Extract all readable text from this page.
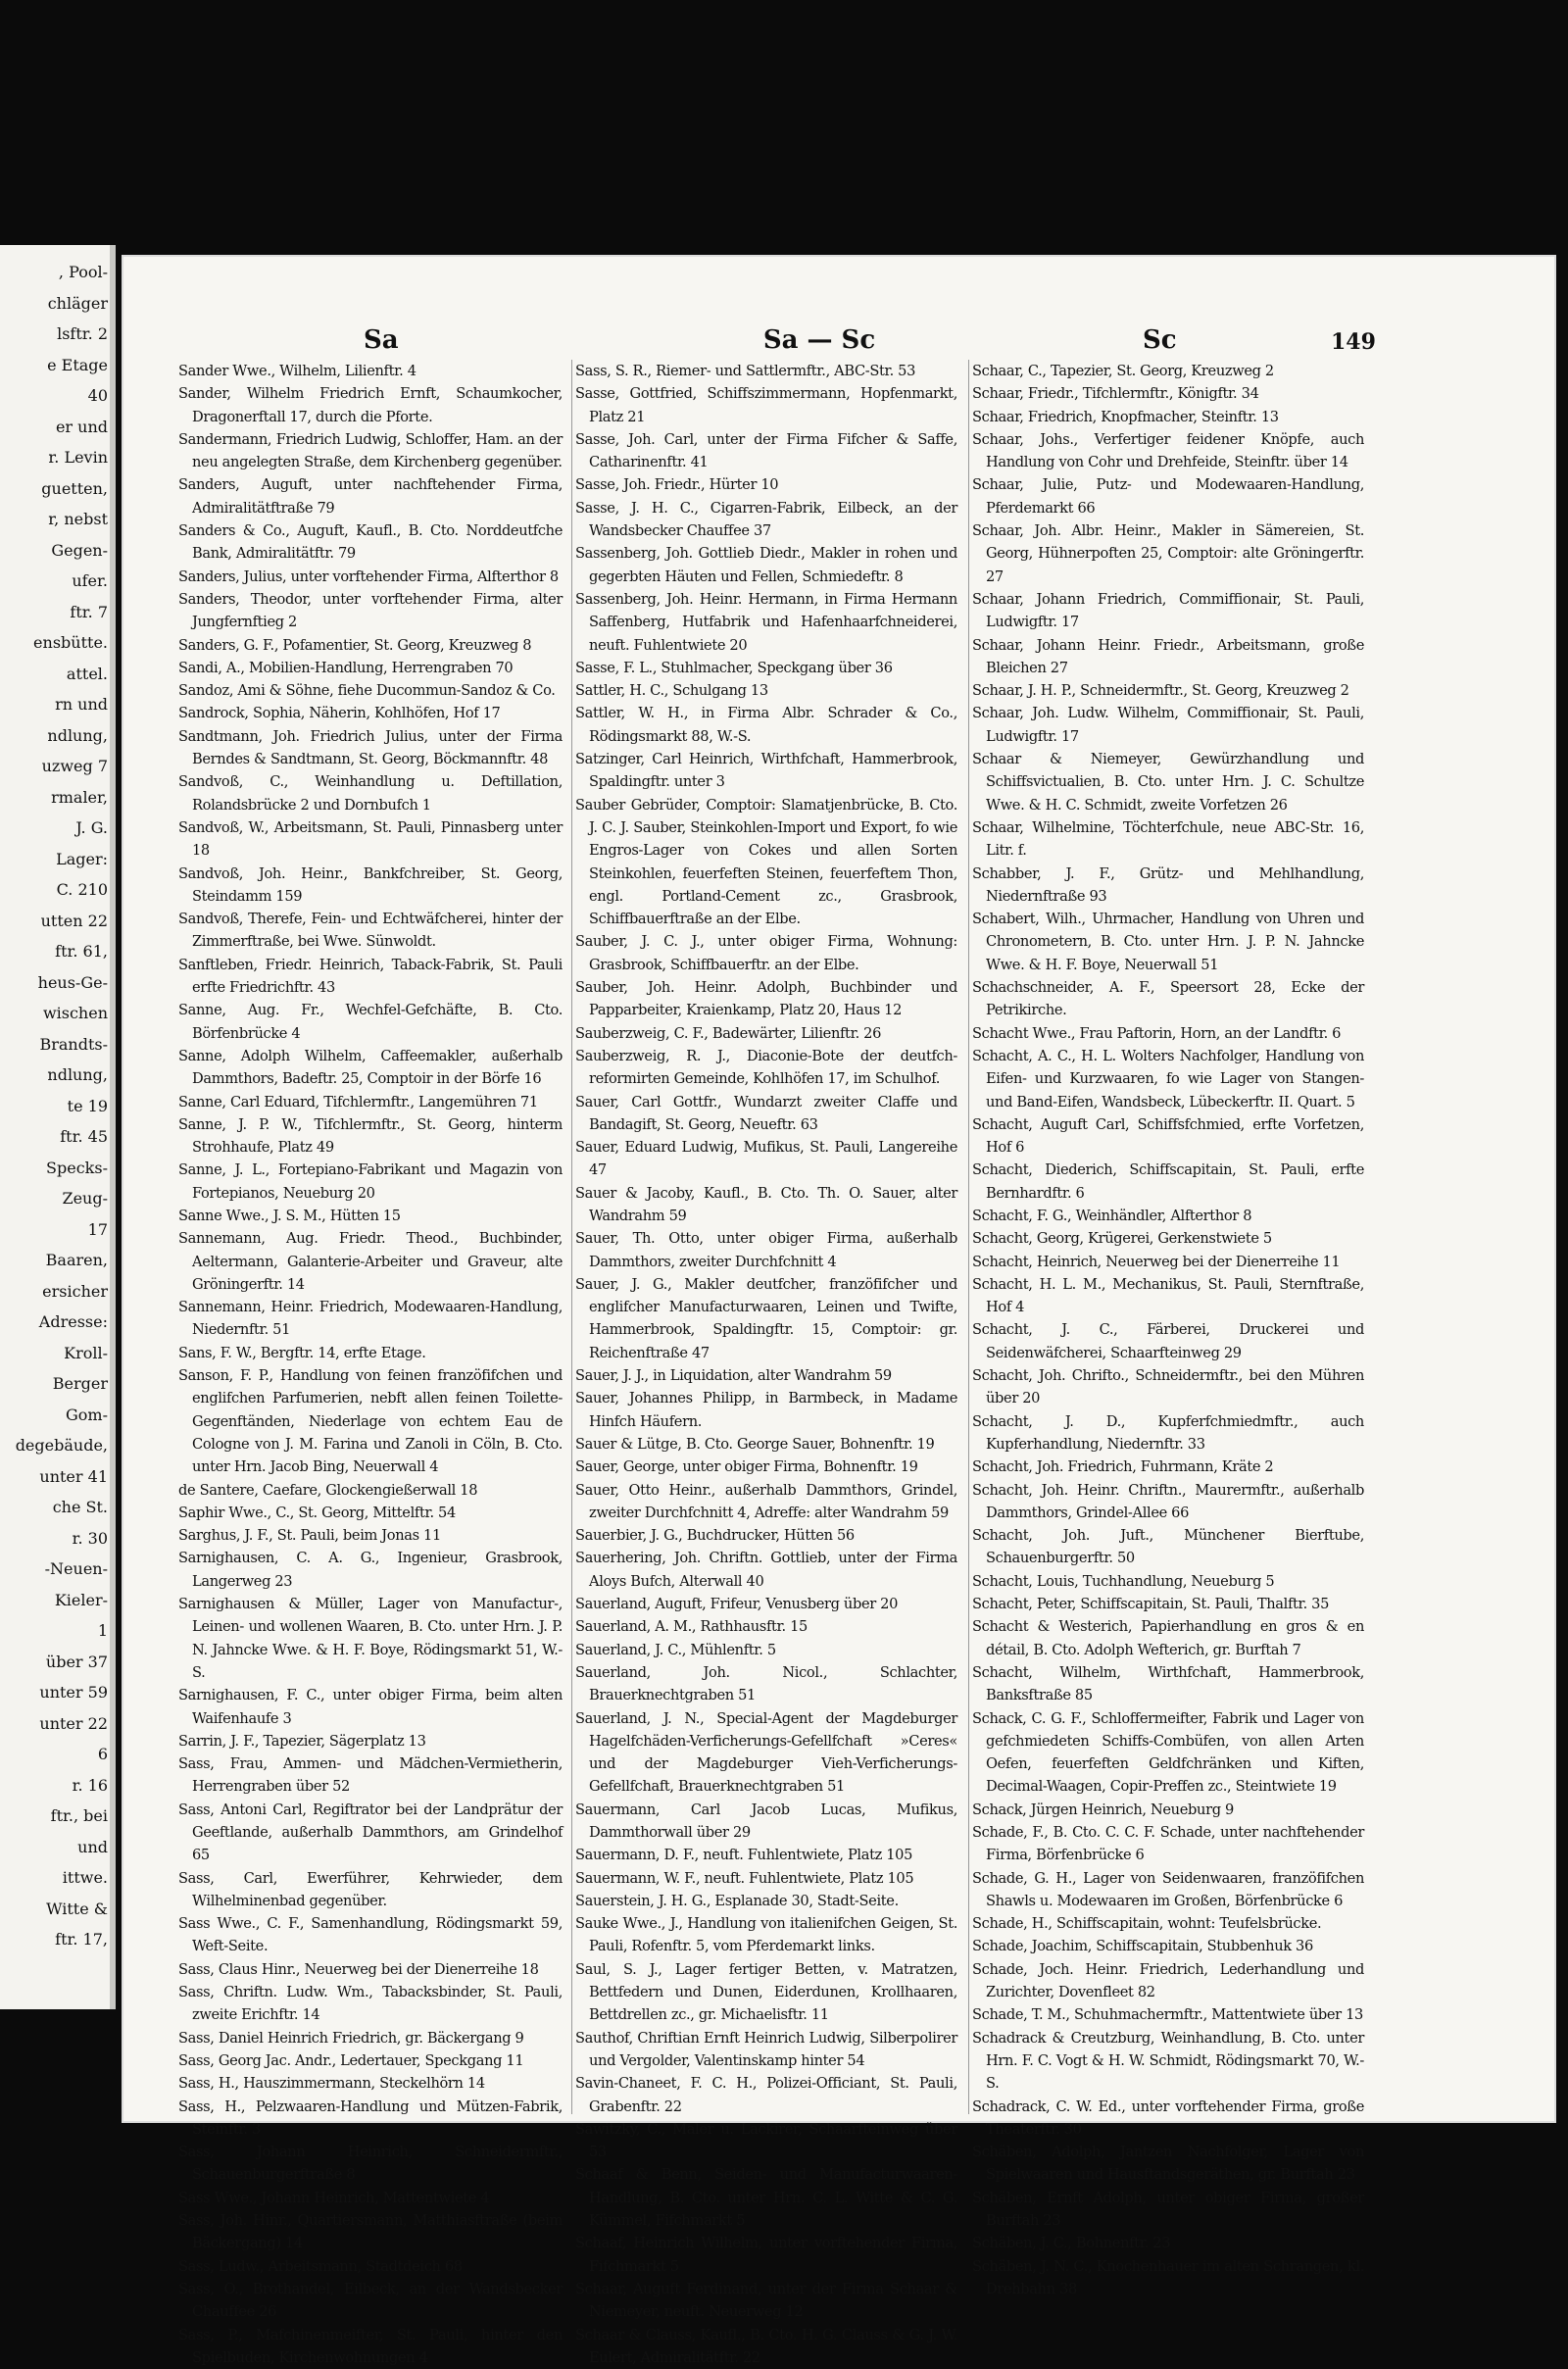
, Pool-
chläger
lsftr. 2
e Etage
40
er und
r. Levin
guetten,
r, nebst
Gegen-
ufer.
ftr. 7
ensbütte.
attel.
rn und
ndlung,
uzweg 7
rmaler,
J. G.
Lager:
C. 210
utten 22
ftr. 61,
heus-Ge-
wischen
Brandts-
ndlung,
te 19
ftr. 45
Specks-
Zeug-
17
Baaren,
ersicher
Adresse:
Kroll-
Berger
Gom-
degebäude,
unter 41
che St.
r. 30
-Neuen-
Kieler-
1
über 37
unter 59
unter 22
6
r. 16
ftr., bei
und
ittwe.
Witte &
ftr. 17,
Sa	Sa — Sc	Sc	149

Sander Wwe., Wilhelm, Lilienftr. 4

Sander, Wilhelm Friedrich Ernft, Schaumkocher, Dragonerftall 17, durch die Pforte.

Sandermann, Friedrich Ludwig, Schloffer, Ham. an der neu angelegten Straße, dem Kirchenberg gegenüber.

Sanders, Auguft, unter nachftehender Firma, Admiralitätftraße 79

Sanders & Co., Auguft, Kaufl., B. Cto. Norddeutfche Bank, Admiralitätftr. 79

Sanders, Julius, unter vorftehender Firma, Alfterthor 8

Sanders, Theodor, unter vorftehender Firma, alter Jungfernftieg 2

Sanders, G. F., Pofamentier, St. Georg, Kreuzweg 8

Sandi, A., Mobilien-Handlung, Herrengraben 70

Sandoz, Ami & Söhne, fiehe Ducommun-Sandoz & Co.

Sandrock, Sophia, Näherin, Kohlhöfen, Hof 17

Sandtmann, Joh. Friedrich Julius, unter der Firma Berndes & Sandtmann, St. Georg, Böckmannftr. 48

Sandvoß, C., Weinhandlung u. Deftillation, Rolandsbrücke 2 und Dornbufch 1

Sandvoß, W., Arbeitsmann, St. Pauli, Pinnasberg unter 18

Sandvoß, Joh. Heinr., Bankfchreiber, St. Georg, Steindamm 159

Sandvoß, Therefe, Fein- und Echtwäfcherei, hinter der Zimmerftraße, bei Wwe. Sünwoldt.

Sanftleben, Friedr. Heinrich, Taback-Fabrik, St. Pauli erfte Friedrichftr. 43

Sanne, Aug. Fr., Wechfel-Gefchäfte, B. Cto. Börfenbrücke 4

Sanne, Adolph Wilhelm, Caffeemakler, außerhalb Dammthors, Badeftr. 25, Comptoir in der Börfe 16

Sanne, Carl Eduard, Tifchlermftr., Langemühren 71

Sanne, J. P. W., Tifchlermftr., St. Georg, hinterm Strohhaufe, Platz 49

Sanne, J. L., Fortepiano-Fabrikant und Magazin von Fortepianos, Neueburg 20

Sanne Wwe., J. S. M., Hütten 15

Sannemann, Aug. Friedr. Theod., Buchbinder, Aeltermann, Galanterie-Arbeiter und Graveur, alte Gröningerftr. 14

Sannemann, Heinr. Friedrich, Modewaaren-Handlung, Niedernftr. 51

Sans, F. W., Bergftr. 14, erfte Etage.

Sanson, F. P., Handlung von feinen franzöfifchen und englifchen Parfumerien, nebft allen feinen Toilette-Gegenftänden, Niederlage von echtem Eau de Cologne von J. M. Farina und Zanoli in Cöln, B. Cto. unter Hrn. Jacob Bing, Neuerwall 4

de Santere, Caefare, Glockengießerwall 18

Saphir Wwe., C., St. Georg, Mittelftr. 54

Sarghus, J. F., St. Pauli, beim Jonas 11

Sarnighausen, C. A. G., Ingenieur, Grasbrook, Langerweg 23

Sarnighausen & Müller, Lager von Manufactur-, Leinen- und wollenen Waaren, B. Cto. unter Hrn. J. P. N. Jahncke Wwe. & H. F. Boye, Rödingsmarkt 51, W.-S.

Sarnighausen, F. C., unter obiger Firma, beim alten Waifenhaufe 3

Sarrin, J. F., Tapezier, Sägerplatz 13

Sass, Frau, Ammen- und Mädchen-Vermietherin, Herrengraben über 52

Sass, Antoni Carl, Regiftrator bei der Landprätur der Geeftlande, außerhalb Dammthors, am Grindelhof 65

Sass, Carl, Ewerführer, Kehrwieder, dem Wilhelminenbad gegenüber.

Sass Wwe., C. F., Samenhandlung, Rödingsmarkt 59, Weft-Seite.

Sass, Claus Hinr., Neuerweg bei der Dienerreihe 18

Sass, Chriftn. Ludw. Wm., Tabacksbinder, St. Pauli, zweite Erichftr. 14

Sass, Daniel Heinrich Friedrich, gr. Bäckergang 9

Sass, Georg Jac. Andr., Ledertauer, Speckgang 11

Sass, H., Hauszimmermann, Steckelhörn 14

Sass, H., Pelzwaaren-Handlung und Mützen-Fabrik, Steinftr. 3

Sass, Johann Heinrich, Schneidermftr., Schauenburgerftraße 8

Sass Wwe., Johann Heinrich, Mattentwiete 4

Sass, Joh. Hinr., Quartiersmann, Matthiasftraße (beim Bäckergang) 14

Sass, Ludw., Arbeitsmann, Stadtdeich 68

Sass, O., Brothandel, Eilbeck, an der Wandsbecker Chauffee 26

Sass, P., Mafchinenmeifter, St. Pauli, hinter den Spielbuden, Kirchenwohnungen 4

Sass, S. R., Riemer- und Sattlermftr., ABC-Str. 53

Sasse, Gottfried, Schiffszimmermann, Hopfenmarkt, Platz 21

Sasse, Joh. Carl, unter der Firma Fifcher & Saffe, Catharinenftr. 41

Sasse, Joh. Friedr., Hürter 10

Sasse, J. H. C., Cigarren-Fabrik, Eilbeck, an der Wandsbecker Chauffee 37

Sassenberg, Joh. Gottlieb Diedr., Makler in rohen und gegerbten Häuten und Fellen, Schmiedeftr. 8

Sassenberg, Joh. Heinr. Hermann, in Firma Hermann Saffenberg, Hutfabrik und Hafenhaarfchneiderei, neuft. Fuhlentwiete 20

Sasse, F. L., Stuhlmacher, Speckgang über 36

Sattler, H. C., Schulgang 13

Sattler, W. H., in Firma Albr. Schrader & Co., Rödingsmarkt 88, W.-S.

Satzinger, Carl Heinrich, Wirthfchaft, Hammerbrook, Spaldingftr. unter 3

Sauber Gebrüder, Comptoir: Slamatjenbrücke, B. Cto. J. C. J. Sauber, Steinkohlen-Import und Export, fo wie Engros-Lager von Cokes und allen Sorten Steinkohlen, feuerfeften Steinen, feuerfeftem Thon, engl. Portland-Cement zc., Grasbrook, Schiffbauerftraße an der Elbe.

Sauber, J. C. J., unter obiger Firma, Wohnung: Grasbrook, Schiffbauerftr. an der Elbe.

Sauber, Joh. Heinr. Adolph, Buchbinder und Papparbeiter, Kraienkamp, Platz 20, Haus 12

Sauberzweig, C. F., Badewärter, Lilienftr. 26

Sauberzweig, R. J., Diaconie-Bote der deutfch-reformirten Gemeinde, Kohlhöfen 17, im Schulhof.

Sauer, Carl Gottfr., Wundarzt zweiter Claffe und Bandagift, St. Georg, Neueftr. 63

Sauer, Eduard Ludwig, Mufikus, St. Pauli, Langereihe 47

Sauer & Jacoby, Kaufl., B. Cto. Th. O. Sauer, alter Wandrahm 59

Sauer, Th. Otto, unter obiger Firma, außerhalb Dammthors, zweiter Durchfchnitt 4

Sauer, J. G., Makler deutfcher, franzöfifcher und englifcher Manufacturwaaren, Leinen und Twifte, Hammerbrook, Spaldingftr. 15, Comptoir: gr. Reichenftraße 47

Sauer, J. J., in Liquidation, alter Wandrahm 59

Sauer, Johannes Philipp, in Barmbeck, in Madame Hinfch Häufern.

Sauer & Lütge, B. Cto. George Sauer, Bohnenftr. 19

Sauer, George, unter obiger Firma, Bohnenftr. 19

Sauer, Otto Heinr., außerhalb Dammthors, Grindel, zweiter Durchfchnitt 4, Adreffe: alter Wandrahm 59

Sauerbier, J. G., Buchdrucker, Hütten 56

Sauerhering, Joh. Chriftn. Gottlieb, unter der Firma Aloys Bufch, Alterwall 40

Sauerland, Auguft, Frifeur, Venusberg über 20

Sauerland, A. M., Rathhausftr. 15

Sauerland, J. C., Mühlenftr. 5

Sauerland, Joh. Nicol., Schlachter, Brauerknechtgraben 51

Sauerland, J. N., Special-Agent der Magdeburger Hagelfchäden-Verficherungs-Gefellfchaft »Ceres« und der Magdeburger Vieh-Verficherungs-Gefellfchaft, Brauerknechtgraben 51

Sauermann, Carl Jacob Lucas, Mufikus, Dammthorwall über 29

Sauermann, D. F., neuft. Fuhlentwiete, Platz 105

Sauermann, W. F., neuft. Fuhlentwiete, Platz 105

Sauerstein, J. H. G., Esplanade 30, Stadt-Seite.

Sauke Wwe., J., Handlung von italienifchen Geigen, St. Pauli, Rofenftr. 5, vom Pferdemarkt links.

Saul, S. J., Lager fertiger Betten, v. Matratzen, Bettfedern und Dunen, Eiderdunen, Krollhaaren, Bettdrellen zc., gr. Michaelisftr. 11

Sauthof, Chriftian Ernft Heinrich Ludwig, Silberpolirer und Vergolder, Valentinskamp hinter 54

Savin-Chaneet, F. C. H., Polizei-Officiant, St. Pauli, Grabenftr. 22

Sawitzky, C., Maler u. Lackirer, Schaarfteinweg über 53

Schaaf & Benn, Seiden- und Manufacturwaaren-Handlung, B. Cto. unter Hrn. C. L. Witte & C. G. Kümmel, Fifchmarkt 5

Schaaf, Heinrich Wilhelm, unter vorftehender Firma, Fifchmarkt 5

Schaar, Auguft Ferdinand, unter der Firma Schaar & Niemeyer, neuft. Neuerweg 12

Schaar & Clauss, Kaufl., B. Cto. H. G. Clauss & G. J. W. Eulert, Admiralitätftr. 22

Schaar, C., Tapezier, St. Georg, Kreuzweg 2

Schaar, Friedr., Tifchlermftr., Königftr. 34

Schaar, Friedrich, Knopfmacher, Steinftr. 13

Schaar, Johs., Verfertiger feidener Knöpfe, auch Handlung von Cohr und Drehfeide, Steinftr. über 14

Schaar, Julie, Putz- und Modewaaren-Handlung, Pferdemarkt 66

Schaar, Joh. Albr. Heinr., Makler in Sämereien, St. Georg, Hühnerpoften 25, Comptoir: alte Gröningerftr. 27

Schaar, Johann Friedrich, Commiffionair, St. Pauli, Ludwigftr. 17

Schaar, Johann Heinr. Friedr., Arbeitsmann, große Bleichen 27

Schaar, J. H. P., Schneidermftr., St. Georg, Kreuzweg 2

Schaar, Joh. Ludw. Wilhelm, Commiffionair, St. Pauli, Ludwigftr. 17

Schaar & Niemeyer, Gewürzhandlung und Schiffsvictualien, B. Cto. unter Hrn. J. C. Schultze Wwe. & H. C. Schmidt, zweite Vorfetzen 26

Schaar, Wilhelmine, Töchterfchule, neue ABC-Str. 16, Litr. f.

Schabber, J. F., Grütz- und Mehlhandlung, Niedernftraße 93

Schabert, Wilh., Uhrmacher, Handlung von Uhren und Chronometern, B. Cto. unter Hrn. J. P. N. Jahncke Wwe. & H. F. Boye, Neuerwall 51

Schachschneider, A. F., Speersort 28, Ecke der Petrikirche.

Schacht Wwe., Frau Paftorin, Horn, an der Landftr. 6

Schacht, A. C., H. L. Wolters Nachfolger, Handlung von Eifen- und Kurzwaaren, fo wie Lager von Stangen- und Band-Eifen, Wandsbeck, Lübeckerftr. II. Quart. 5

Schacht, Auguft Carl, Schiffsfchmied, erfte Vorfetzen, Hof 6

Schacht, Diederich, Schiffscapitain, St. Pauli, erfte Bernhardftr. 6

Schacht, F. G., Weinhändler, Alfterthor 8

Schacht, Georg, Krügerei, Gerkenstwiete 5

Schacht, Heinrich, Neuerweg bei der Dienerreihe 11

Schacht, H. L. M., Mechanikus, St. Pauli, Sternftraße, Hof 4

Schacht, J. C., Färberei, Druckerei und Seidenwäfcherei, Schaarfteinweg 29

Schacht, Joh. Chrifto., Schneidermftr., bei den Mühren über 20

Schacht, J. D., Kupferfchmiedmftr., auch Kupferhandlung, Niedernftr. 33

Schacht, Joh. Friedrich, Fuhrmann, Kräte 2

Schacht, Joh. Heinr. Chriftn., Maurermftr., außerhalb Dammthors, Grindel-Allee 66

Schacht, Joh. Juft., Münchener Bierftube, Schauenburgerftr. 50

Schacht, Louis, Tuchhandlung, Neueburg 5

Schacht, Peter, Schiffscapitain, St. Pauli, Thalftr. 35

Schacht & Westerich, Papierhandlung en gros & en détail, B. Cto. Adolph Wefterich, gr. Burftah 7

Schacht, Wilhelm, Wirthfchaft, Hammerbrook, Banksftraße 85

Schack, C. G. F., Schloffermeifter, Fabrik und Lager von gefchmiedeten Schiffs-Combüfen, von allen Arten Oefen, feuerfeften Geldfchränken und Kiften, Decimal-Waagen, Copir-Preffen zc., Steintwiete 19

Schack, Jürgen Heinrich, Neueburg 9

Schade, F., B. Cto. C. C. F. Schade, unter nachftehender Firma, Börfenbrücke 6

Schade, G. H., Lager von Seidenwaaren, franzöfifchen Shawls u. Modewaaren im Großen, Börfenbrücke 6

Schade, H., Schiffscapitain, wohnt: Teufelsbrücke.

Schade, Joachim, Schiffscapitain, Stubbenhuk 36

Schade, Joch. Heinr. Friedrich, Lederhandlung und Zurichter, Dovenfleet 82

Schade, T. M., Schuhmachermftr., Mattentwiete über 13

Schadrack & Creutzburg, Weinhandlung, B. Cto. unter Hrn. F. C. Vogt & H. W. Schmidt, Rödingsmarkt 70, W.-S.

Schadrack, C. W. Ed., unter vorftehender Firma, große Theaterftr. 30

Schäben, Adolph, Jantzen Nachfolger, Lager von Spielwaaren und Hausftandsgeräthen, gr. Burftah 23

Schäben, Ernft Adolph, unter obiger Firma, großer Burftah 23

Schäben, J. C., Bohnenftr. 23

Schäben, J. N. C., Knochenhauer im alten Schrangen, kl. Drehbahn 38
